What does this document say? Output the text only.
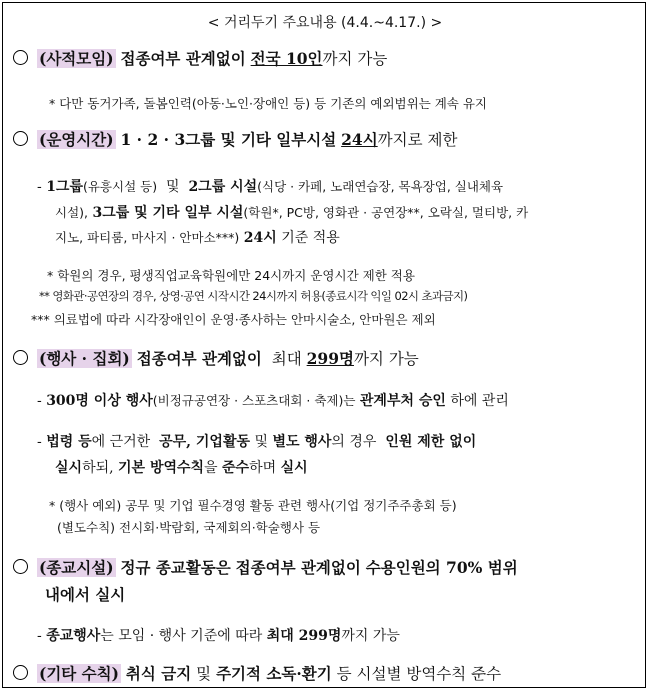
< 거리두기 주요내용 (4.4.~4.17.) >
(사적모임) 접종여부 관계없이 전국 10인까지 가능
* 다만 동거가족, 돌봄인력(아동·노인·장애인 등) 등 기존의 예외범위는 계속 유지
(운영시간) 1 · 2 · 3그룹 및 기타 일부시설 24시까지로 제한
- 1그룹(유흥시설 등) 및 2그룹 시설(식당 · 카페, 노래연습장, 목욕장업, 실내체육
시설), 3그룹 및 기타 일부 시설(학원*, PC방, 영화관 · 공연장**, 오락실, 멀티방, 카
지노, 파티룸, 마사지 · 안마소***) 24시 기준 적용
* 학원의 경우, 평생직업교육학원에만 24시까지 운영시간 제한 적용
** 영화관·공연장의 경우, 상영·공연 시작시간 24시까지 허용(종료시각 익일 02시 초과금지)
*** 의료법에 따라 시각장애인이 운영·종사하는 안마시술소, 안마원은 제외
(행사 · 집회) 접종여부 관계없이 최대 299명까지 가능
- 300명 이상 행사(비정규공연장 · 스포츠대회 · 축제)는 관계부처 승인 하에 관리
- 법령 등에 근거한 공무, 기업활동 및 별도 행사의 경우 인원 제한 없이
실시하되, 기본 방역수칙을 준수하며 실시
* (행사 예외) 공무 및 기업 필수경영 활동 관련 행사(기업 정기주주총회 등)
(별도수칙) 전시회·박람회, 국제회의·학술행사 등
(종교시설) 정규 종교활동은 접종여부 관계없이 수용인원의 70% 범위
내에서 실시
- 종교행사는 모임 · 행사 기준에 따라 최대 299명까지 가능
(기타 수칙) 취식 금지 및 주기적 소독·환기 등 시설별 방역수칙 준수
